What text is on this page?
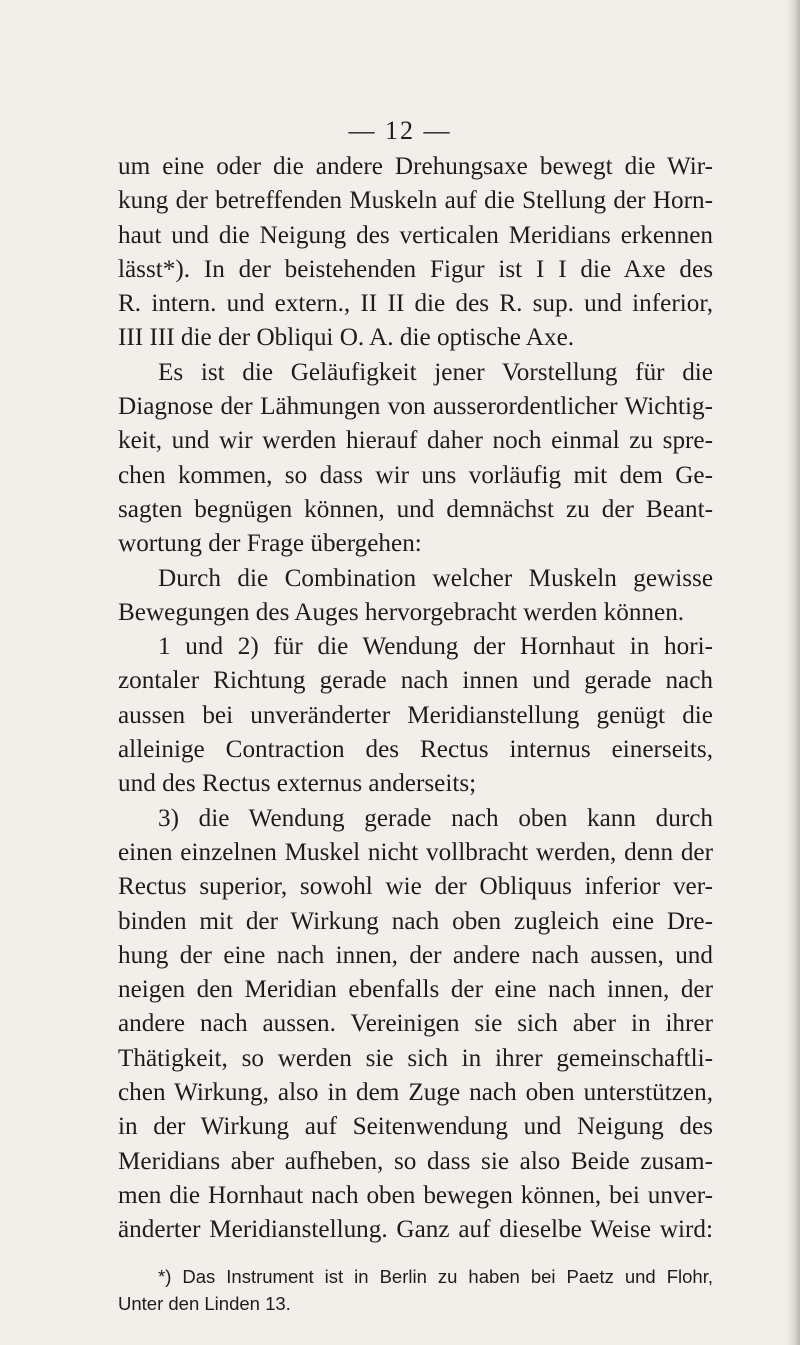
— 12 —
um eine oder die andere Drehungsaxe bewegt die Wir-
kung der betreffenden Muskeln auf die Stellung der Horn-
haut und die Neigung des verticalen Meridians erkennen
lässt*). In der beistehenden Figur ist I I die Axe des
R. intern. und extern., II II die des R. sup. und inferior,
III III die der Obliqui O. A. die optische Axe.
Es ist die Geläufigkeit jener Vorstellung für die
Diagnose der Lähmungen von ausserordentlicher Wichtig-
keit, und wir werden hierauf daher noch einmal zu spre-
chen kommen, so dass wir uns vorläufig mit dem Ge-
sagten begnügen können, und demnächst zu der Beant-
wortung der Frage übergehen:
Durch die Combination welcher Muskeln gewisse
Bewegungen des Auges hervorgebracht werden können.
1 und 2) für die Wendung der Hornhaut in hori-
zontaler Richtung gerade nach innen und gerade nach
aussen bei unveränderter Meridianstellung genügt die
alleinige Contraction des Rectus internus einerseits,
und des Rectus externus anderseits;
3) die Wendung gerade nach oben kann durch
einen einzelnen Muskel nicht vollbracht werden, denn der
Rectus superior, sowohl wie der Obliquus inferior ver-
binden mit der Wirkung nach oben zugleich eine Dre-
hung der eine nach innen, der andere nach aussen, und
neigen den Meridian ebenfalls der eine nach innen, der
andere nach aussen. Vereinigen sie sich aber in ihrer
Thätigkeit, so werden sie sich in ihrer gemeinschaftli-
chen Wirkung, also in dem Zuge nach oben unterstützen,
in der Wirkung auf Seitenwendung und Neigung des
Meridians aber aufheben, so dass sie also Beide zusam-
men die Hornhaut nach oben bewegen können, bei unver-
änderter Meridianstellung. Ganz auf dieselbe Weise wird:
*) Das Instrument ist in Berlin zu haben bei Paetz und Flohr,
Unter den Linden 13.
